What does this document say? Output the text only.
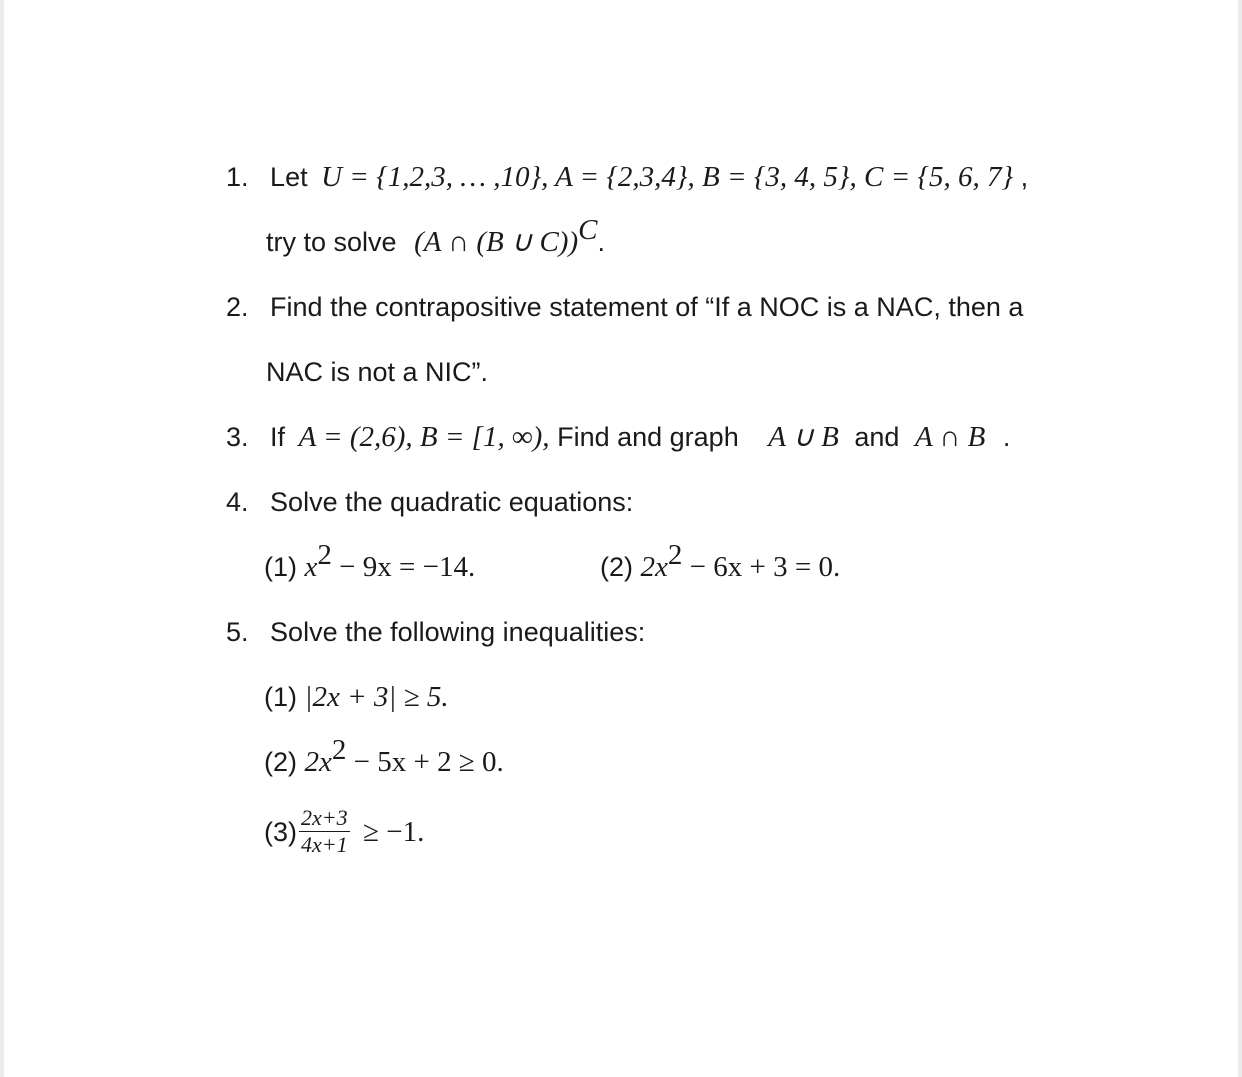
1. Let U = {1,2,3, … ,10}, A = {2,3,4}, B = {3, 4, 5}, C = {5, 6, 7} ,
try to solve (A ∩ (B ∪ C))$^C$.
2. Find the contrapositive statement of “If a NOC is a NAC, then a
NAC is not a NIC”.
3. If A = (2,6), B = [1, ∞), Find and graph A ∪ B and A ∩ B .
4. Solve the quadratic equations:
(1) $x^2 - 9x = -14$.	(2) $2x^2 - 6x + 3 = 0$.
5. Solve the following inequalities:
(1) |2x + 3| ≥ 5.
(2) $2x^2 - 5x + 2 \ge 0$.
$(3) \frac{2x+3}{4x+1} \ge -1$.
